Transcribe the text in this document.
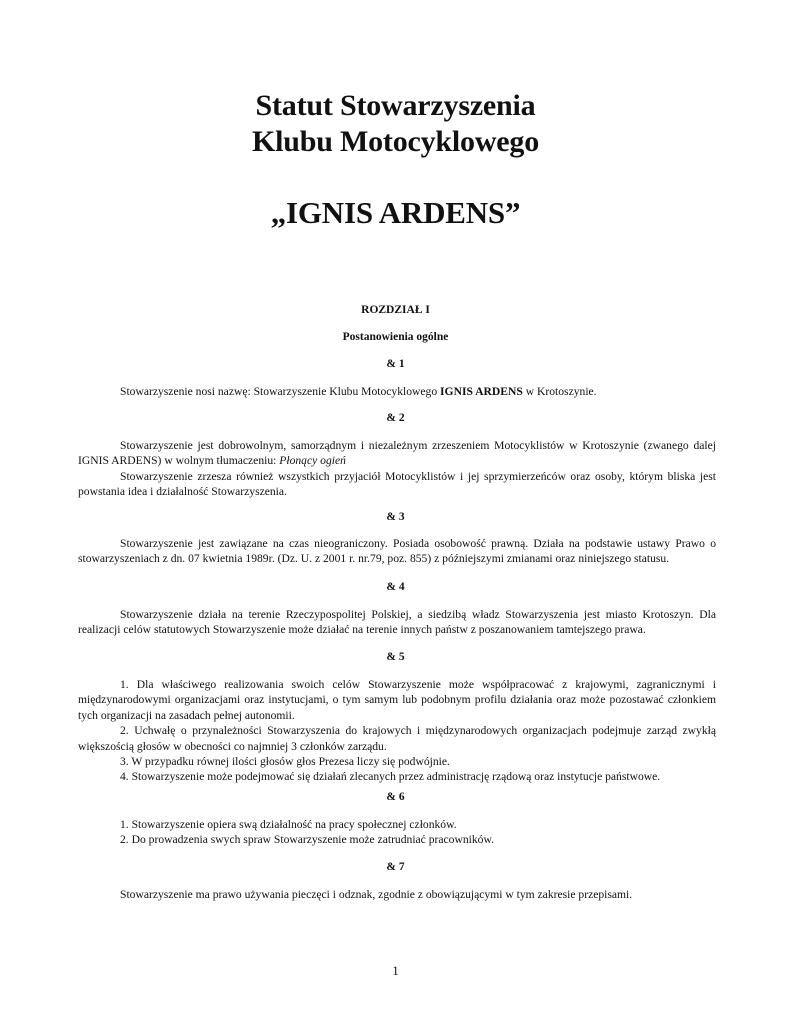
Statut Stowarzyszenia
Klubu Motocyklowego
„IGNIS ARDENS”
ROZDZIAŁ I
Postanowienia ogólne
& 1
Stowarzyszenie nosi nazwę: Stowarzyszenie Klubu Motocyklowego IGNIS ARDENS w Krotoszynie.
& 2
Stowarzyszenie jest dobrowolnym, samorządnym i niezależnym zrzeszeniem Motocyklistów w Krotoszynie (zwanego dalej IGNIS ARDENS) w wolnym tłumaczeniu: Płonący ogień
Stowarzyszenie zrzesza również wszystkich przyjaciół Motocyklistów i jej sprzymierzeńców oraz osoby, którym bliska jest powstania idea i działalność Stowarzyszenia.
& 3
Stowarzyszenie jest zawiązane na czas nieograniczony. Posiada osobowość prawną. Działa na podstawie ustawy Prawo o stowarzyszeniach z dn. 07 kwietnia 1989r. (Dz. U. z 2001 r. nr.79, poz. 855) z późniejszymi zmianami oraz niniejszego statusu.
& 4
Stowarzyszenie działa na terenie Rzeczypospolitej Polskiej, a siedzibą władz Stowarzyszenia jest miasto Krotoszyn. Dla realizacji celów statutowych Stowarzyszenie może działać na terenie innych państw z poszanowaniem tamtejszego prawa.
& 5
1. Dla właściwego realizowania swoich celów Stowarzyszenie może współpracować z krajowymi, zagranicznymi i międzynarodowymi organizacjami oraz instytucjami, o tym samym lub podobnym profilu działania oraz może pozostawać członkiem tych organizacji na zasadach pełnej autonomii.
2. Uchwałę o przynależności Stowarzyszenia do krajowych i międzynarodowych organizacjach podejmuje zarząd zwykłą większością głosów w obecności co najmniej 3 członków zarządu.
3. W przypadku równej ilości głosów głos Prezesa liczy się podwójnie.
4. Stowarzyszenie może podejmować się działań zlecanych przez administrację rządową oraz instytucje państwowe.
& 6
1. Stowarzyszenie opiera swą działalność na pracy społecznej członków.
2. Do prowadzenia swych spraw Stowarzyszenie może zatrudniać pracowników.
& 7
Stowarzyszenie ma prawo używania pieczęci i odznak, zgodnie z obowiązującymi w tym zakresie przepisami.
1
